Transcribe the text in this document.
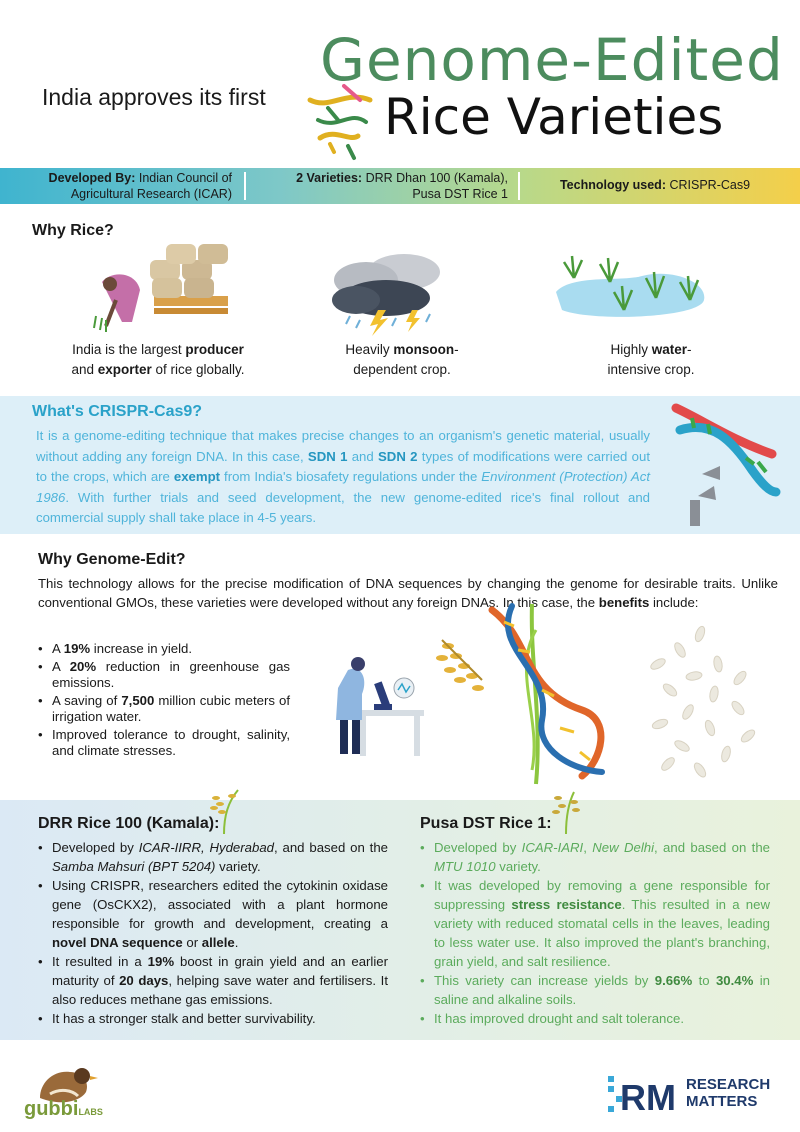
India approves its first
Genome-Edited
Rice Varieties
Developed By: Indian Council of
Agricultural Research (ICAR)
2 Varieties: DRR Dhan 100 (Kamala),
Pusa DST Rice 1
Technology used: CRISPR-Cas9
Why Rice?
India is the largest producer
and exporter of rice globally.
Heavily monsoon-
dependent crop.
Highly water-
intensive crop.
What's CRISPR-Cas9?
It is a genome-editing technique that makes precise changes to an organism's genetic material, usually without adding any foreign DNA. In this case, SDN 1 and SDN 2 types of modifications were carried out to the crops, which are exempt from India's biosafety regulations under the Environment (Protection) Act 1986. With further trials and seed development, the new genome-edited rice's final rollout and commercial supply shall take place in 4-5 years.
Why Genome-Edit?
This technology allows for the precise modification of DNA sequences by changing the genome for desirable traits. Unlike conventional GMOs, these varieties were developed without any foreign DNAs. In this case, the benefits include:
• A 19% increase in yield.
• A 20% reduction in greenhouse gas emissions.
• A saving of 7,500 million cubic meters of irrigation water.
• Improved tolerance to drought, salinity, and climate stresses.
DRR Rice 100 (Kamala):
• Developed by ICAR-IIRR, Hyderabad, and based on the Samba Mahsuri (BPT 5204) variety.
• Using CRISPR, researchers edited the cytokinin oxidase gene (OsCKX2), associated with a plant hormone responsible for growth and development, creating a novel DNA sequence or allele.
• It resulted in a 19% boost in grain yield and an earlier maturity of 20 days, helping save water and fertilisers. It also reduces methane gas emissions.
• It has a stronger stalk and better survivability.
Pusa DST Rice 1:
• Developed by ICAR-IARI, New Delhi, and based on the MTU 1010 variety.
• It was developed by removing a gene responsible for suppressing stress resistance. This resulted in a new variety with reduced stomatal cells in the leaves, leading to less water use. It also improved the plant's branching, grain yield, and salt resilience.
• This variety can increase yields by 9.66% to 30.4% in saline and alkaline soils.
• It has improved drought and salt tolerance.
gubbiLABS	RM RESEARCH
MATTERS
